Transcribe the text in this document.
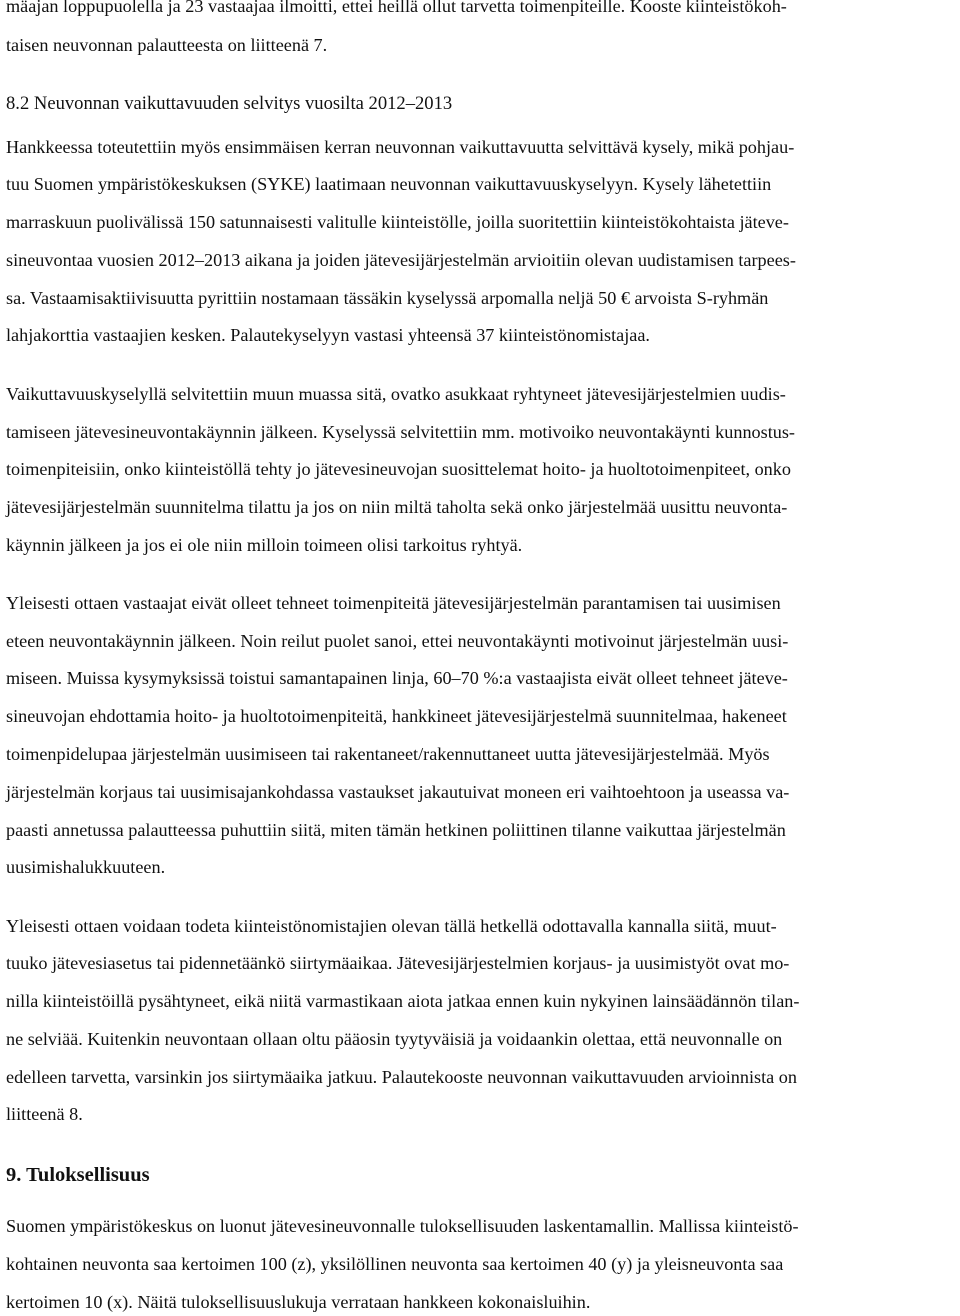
mäajan loppupuolella ja 23 vastaajaa ilmoitti, ettei heillä ollut tarvetta toimenpiteille. Kooste kiinteistökoh-
taisen neuvonnan palautteesta on liitteenä 7.
8.2 Neuvonnan vaikuttavuuden selvitys vuosilta 2012–2013
Hankkeessa toteutettiin myös ensimmäisen kerran neuvonnan vaikuttavuutta selvittävä kysely, mikä pohjau-
tuu Suomen ympäristökeskuksen (SYKE) laatimaan neuvonnan vaikuttavuuskyselyyn. Kysely lähetettiin
marraskuun puolivälissä 150 satunnaisesti valitulle kiinteistölle, joilla suoritettiin kiinteistökohtaista jäteve-
sineuvontaa vuosien 2012–2013 aikana ja joiden jätevesijärjestelmän arvioitiin olevan uudistamisen tarpees-
sa. Vastaamisaktiivisuutta pyrittiin nostamaan tässäkin kyselyssä arpomalla neljä 50 € arvoista S-ryhmän
lahjakorttia vastaajien kesken. Palautekyselyyn vastasi yhteensä 37 kiinteistönomistajaa.
Vaikuttavuuskyselyllä selvitettiin muun muassa sitä, ovatko asukkaat ryhtyneet jätevesijärjestelmien uudis-
tamiseen jätevesineuvontakäynnin jälkeen. Kyselyssä selvitettiin mm. motivoiko neuvontakäynti kunnostus-
toimenpiteisiin, onko kiinteistöllä tehty jo jätevesineuvojan suosittelemat hoito- ja huoltotoimenpiteet, onko
jätevesijärjestelmän suunnitelma tilattu ja jos on niin miltä taholta sekä onko järjestelmää uusittu neuvonta-
käynnin jälkeen ja jos ei ole niin milloin toimeen olisi tarkoitus ryhtyä.
Yleisesti ottaen vastaajat eivät olleet tehneet toimenpiteitä jätevesijärjestelmän parantamisen tai uusimisen
eteen neuvontakäynnin jälkeen. Noin reilut puolet sanoi, ettei neuvontakäynti motivoinut järjestelmän uusi-
miseen. Muissa kysymyksissä toistui samantapainen linja, 60–70 %:a vastaajista eivät olleet tehneet jäteve-
sineuvojan ehdottamia hoito- ja huoltotoimenpiteitä, hankkineet jätevesijärjestelmä suunnitelmaa, hakeneet
toimenpidelupaa järjestelmän uusimiseen tai rakentaneet/rakennuttaneet uutta jätevesijärjestelmää. Myös
järjestelmän korjaus tai uusimisajankohdassa vastaukset jakautuivat moneen eri vaihtoehtoon ja useassa va-
paasti annetussa palautteessa puhuttiin siitä, miten tämän hetkinen poliittinen tilanne vaikuttaa järjestelmän
uusimishalukkuuteen.
Yleisesti ottaen voidaan todeta kiinteistönomistajien olevan tällä hetkellä odottavalla kannalla siitä, muut-
tuuko jätevesiasetus tai pidennetäänkö siirtymäaikaa. Jätevesijärjestelmien korjaus- ja uusimistyöt ovat mo-
nilla kiinteistöillä pysähtyneet, eikä niitä varmastikaan aiota jatkaa ennen kuin nykyinen lainsäädännön tilan-
ne selviää. Kuitenkin neuvontaan ollaan oltu pääosin tyytyväisiä ja voidaankin olettaa, että neuvonnalle on
edelleen tarvetta, varsinkin jos siirtymäaika jatkuu. Palautekooste neuvonnan vaikuttavuuden arvioinnista on
liitteenä 8.
9. Tuloksellisuus
Suomen ympäristökeskus on luonut jätevesineuvonnalle tuloksellisuuden laskentamallin. Mallissa kiinteistö-
kohtainen neuvonta saa kertoimen 100 (z), yksilöllinen neuvonta saa kertoimen 40 (y) ja yleisneuvonta saa
kertoimen 10 (x). Näitä tuloksellisuuslukuja verrataan hankkeen kokonaisluihin.
